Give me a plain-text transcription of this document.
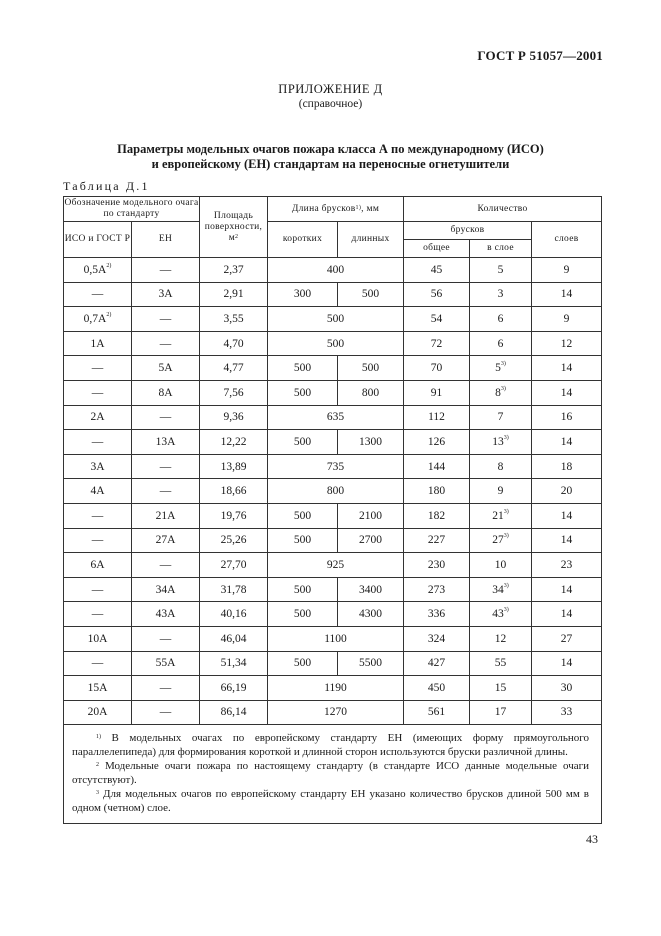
ГОСТ Р 51057—2001
ПРИЛОЖЕНИЕ Д
(справочное)
Параметры модельных очагов пожара класса А по международному (ИСО)
и европейскому (ЕН) стандартам на переносные огнетушители
Таблица Д.1
Обозначение модельного очага по стандарту		Площадь поверхности, $м^2$	Длина брусков$^{1)}$, мм		Количество		
ИСО и ГОСТ Р	ЕН		коротких	длинных	брусков		слоев
					общее	в слое	
$0,5А^{2)}$	—	2,37	400		45	5	9
—	3А	2,91	300	500	56	3	14
$0,7А^{2)}$	—	3,55	500		54	6	9
1А	—	4,70	500		72	6	12
—	5А	4,77	500	500	70	5$^{3)}$	14
—	8А	7,56	500	800	91	8$^{3)}$	14
2А	—	9,36	635		112	7	16
—	13А	12,22	500	1300	126	13$^{3)}$	14
3А	—	13,89	735		144	8	18
4А	—	18,66	800		180	9	20
—	21А	19,76	500	2100	182	21$^{3)}$	14
—	27А	25,26	500	2700	227	27$^{3)}$	14
6А	—	27,70	925		230	10	23
—	34А	31,78	500	3400	273	34$^{3)}$	14
—	43А	40,16	500	4300	336	43$^{3)}$	14
10А	—	46,04	1100		324	12	27
—	55А	51,34	500	5500	427	55	14
15А	—	66,19	1190		450	15	30
20А	—	86,14	1270		561	17	33

$^{1)}$ В модельных очагах по европейскому стандарту ЕН (имеющих форму прямоугольного параллелепипеда) для формирования короткой и длинной сторон используются бруски различной длины.
$^2$ Модельные очаги пожара по настоящему стандарту (в стандарте ИСО данные модельные очаги отсутствуют).
$^3$ Для модельных очагов по европейскому стандарту ЕН указано количество брусков длиной 500 мм в одном (четном) слое.							
43
